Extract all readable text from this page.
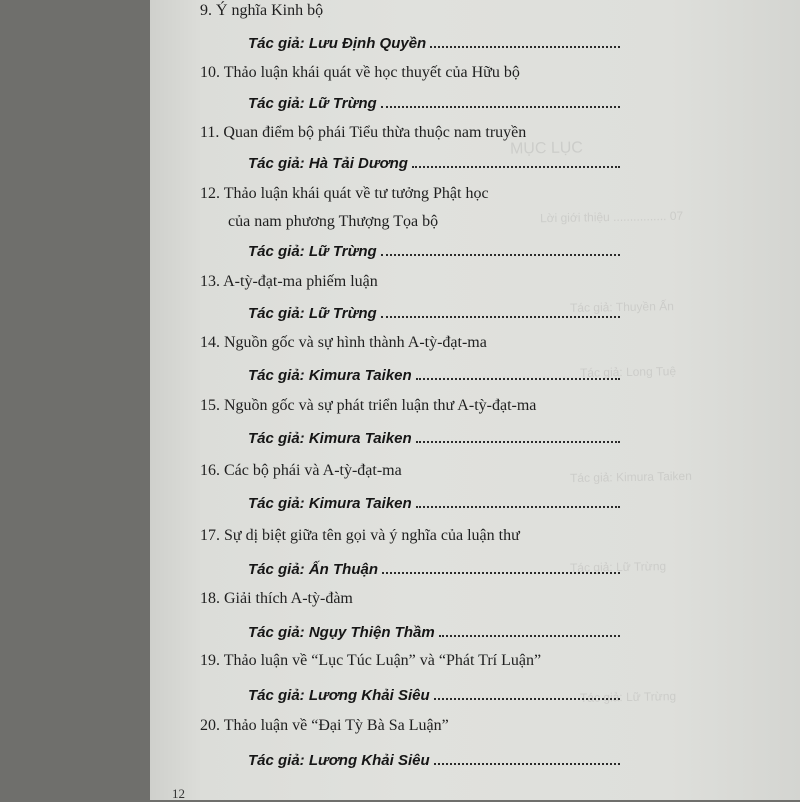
MỤC LỤC
Lời giới thiệu ................ 07
Tác giả: Thuyền Ấn
Tác giả: Long Tuệ
Tác giả: Kimura Taiken
Tác giả: Lữ Trừng
Tác giả: Lữ Trừng
9. Ý nghĩa Kinh bộ
Tác giả: Lưu Định Quyền
10. Thảo luận khái quát về học thuyết của Hữu bộ
Tác giả: Lữ Trừng
11. Quan điểm bộ phái Tiểu thừa thuộc nam truyền
Tác giả: Hà Tải Dương
12. Thảo luận khái quát về tư tưởng Phật học
của nam phương Thượng Tọa bộ
Tác giả: Lữ Trừng
13. A-tỳ-đạt-ma phiếm luận
Tác giả: Lữ Trừng
14. Nguồn gốc và sự hình thành A-tỳ-đạt-ma
Tác giả: Kimura Taiken
15. Nguồn gốc và sự phát triển luận thư A-tỳ-đạt-ma
Tác giả: Kimura Taiken
16. Các bộ phái và A-tỳ-đạt-ma
Tác giả: Kimura Taiken
17. Sự dị biệt giữa tên gọi và ý nghĩa của luận thư
Tác giả: Ấn Thuận
18. Giải thích A-tỳ-đàm
Tác giả: Ngụy Thiện Thầm
19. Thảo luận về “Lục Túc Luận” và “Phát Trí Luận”
Tác giả: Lương Khải Siêu
20. Thảo luận về “Đại Tỳ Bà Sa Luận”
Tác giả: Lương Khải Siêu
12
